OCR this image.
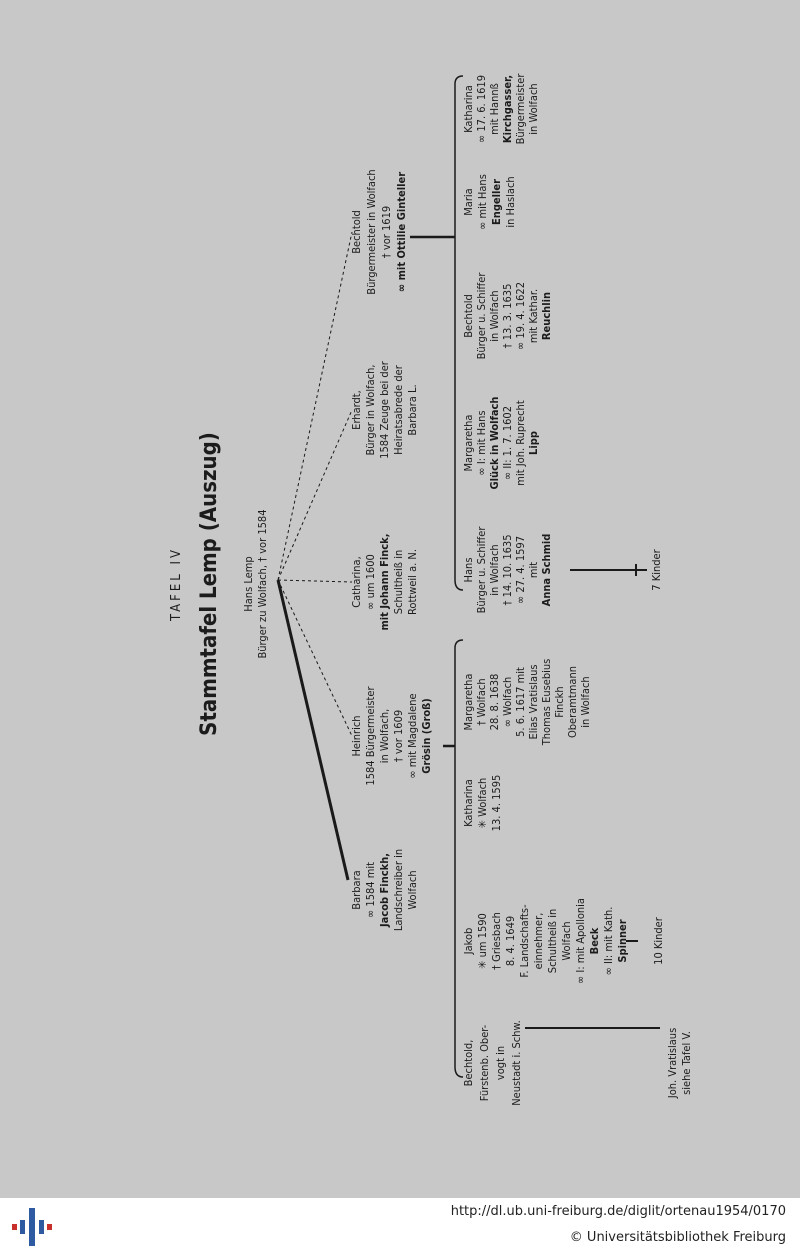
TAFEL IV Stammtafel Lemp (Auszug) Hans Lemp Bürger zu Wolfach, † vor 1584
Barbara ∞ 1584 mit Jacob Finckh, Landschreiber in Wolfach
Heinrich 1584 Bürgermeister in Wolfach, † vor 1609 ∞ mit Magdalene Grösin (Groß)
Catharina, ∞ um 1600 mit Johann Finck, Schultheiß in Rottweil a. N.
Erhardt, Bürger in Wolfach, 1584 Zeuge bei der Heiratsabrede der Barbara L.
Bechtold Bürgermeister in Wolfach † vor 1619 ∞ mit Ottilie Ginteller
Bechtold, Fürstenb. Ober- vogt in Neustadt i. Schw.
Jakob ✳ um 1590 † Griesbach 8. 4. 1649 F. Landschafts- einnehmer, Schultheiß in Wolfach ∞ I: mit Apollonia Beck ∞ II: mit Kath. Spinner
Katharina ✳ Wolfach 13. 4. 1595
Margaretha † Wolfach 28. 8. 1638 ∞ Wolfach 5. 6. 1617 mit Elias Vratislaus Thomas Eusebius Finckh Oberamtmann in Wolfach
Joh. Vratislaus siehe Tafel V.
10 Kinder
Hans Bürger u. Schiffer in Wolfach † 14. 10. 1635 ∞ 27. 4. 1597 mit Anna Schmid
Margaretha ∞ I: mit Hans Glück in Wolfach ∞ II: 1. 7. 1602 mit Joh. Ruprecht Lipp
Bechtold Bürger u. Schiffer in Wolfach † 13. 3. 1635 ∞ 19. 4. 1622 mit Kathar. Reuchlin
Maria ∞ mit Hans Engeller in Haslach
Katharina ∞ 17. 6. 1619 mit Hannß Kirchgasser, Bürgermeister in Wolfach
7 Kinder
http://dl.ub.uni-freiburg.de/diglit/ortenau1954/0170
© Universitätsbibliothek Freiburg
